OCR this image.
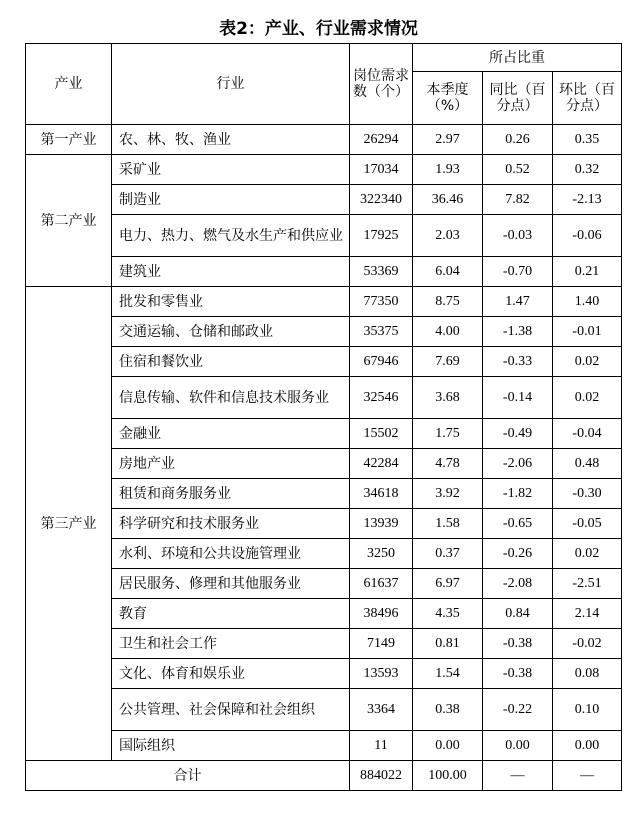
表2：产业、行业需求情况
产业	行业	岗位需求数（个）	所占比重		
			本季度（%）	同比（百分点）	环比（百分点）
第一产业	农、林、牧、渔业	26294	2.97	0.26	0.35
第二产业	采矿业	17034	1.93	0.52	0.32
	制造业	322340	36.46	7.82	-2.13
	电力、热力、燃气及水生产和供应业	17925	2.03	-0.03	-0.06
	建筑业	53369	6.04	-0.70	0.21
第三产业	批发和零售业	77350	8.75	1.47	1.40
	交通运输、仓储和邮政业	35375	4.00	-1.38	-0.01
	住宿和餐饮业	67946	7.69	-0.33	0.02
	信息传输、软件和信息技术服务业	32546	3.68	-0.14	0.02
	金融业	15502	1.75	-0.49	-0.04
	房地产业	42284	4.78	-2.06	0.48
	租赁和商务服务业	34618	3.92	-1.82	-0.30
	科学研究和技术服务业	13939	1.58	-0.65	-0.05
	水利、环境和公共设施管理业	3250	0.37	-0.26	0.02
	居民服务、修理和其他服务业	61637	6.97	-2.08	-2.51
	教育	38496	4.35	0.84	2.14
	卫生和社会工作	7149	0.81	-0.38	-0.02
	文化、体育和娱乐业	13593	1.54	-0.38	0.08
	公共管理、社会保障和社会组织	3364	0.38	-0.22	0.10
	国际组织	11	0.00	0.00	0.00
合计		884022	100.00	—	—
